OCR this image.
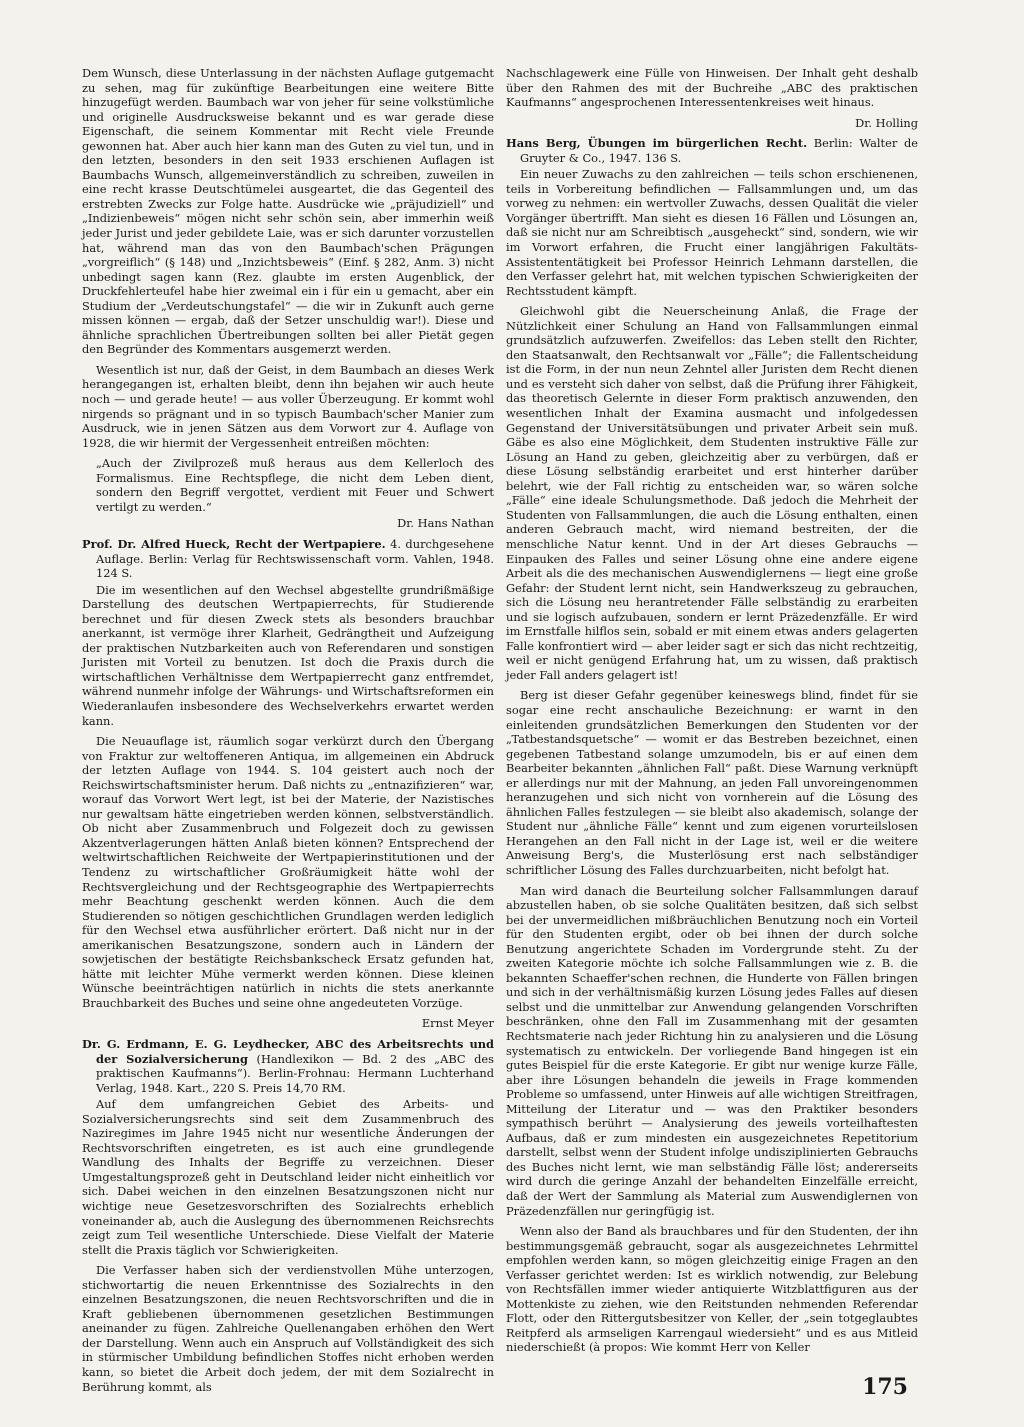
Dem Wunsch, diese Unterlassung in der nächsten Auflage gutgemacht zu sehen, mag für zukünftige Bearbeitungen eine weitere Bitte hinzugefügt werden. Baumbach war von jeher für seine volkstümliche und originelle Ausdrucksweise bekannt und es war gerade diese Eigenschaft, die seinem Kommentar mit Recht viele Freunde gewonnen hat. Aber auch hier kann man des Guten zu viel tun, und in den letzten, besonders in den seit 1933 erschienen Auflagen ist Baumbachs Wunsch, allgemeinverständlich zu schreiben, zuweilen in eine recht krasse Deutschtümelei ausgeartet, die das Gegenteil des erstrebten Zwecks zur Folge hatte. Ausdrücke wie „präjudiziell“ und „Indizienbeweis“ mögen nicht sehr schön sein, aber immerhin weiß jeder Jurist und jeder gebildete Laie, was er sich darunter vorzustellen hat, während man das von den Baumbach'schen Prägungen „vorgreiflich“ (§ 148) und „Inzichtsbeweis“ (Einf. § 282, Anm. 3) nicht unbedingt sagen kann (Rez. glaubte im ersten Augenblick, der Druckfehlerteufel habe hier zweimal ein i für ein u gemacht, aber ein Studium der „Verdeutschungstafel“ — die wir in Zukunft auch gerne missen können — ergab, daß der Setzer unschuldig war!). Diese und ähnliche sprachlichen Übertreibungen sollten bei aller Pietät gegen den Begründer des Kommentars ausgemerzt werden.

Wesentlich ist nur, daß der Geist, in dem Baumbach an dieses Werk herangegangen ist, erhalten bleibt, denn ihn bejahen wir auch heute noch — und gerade heute! — aus voller Überzeugung. Er kommt wohl nirgends so prägnant und in so typisch Baumbach'scher Manier zum Ausdruck, wie in jenen Sätzen aus dem Vorwort zur 4. Auflage von 1928, die wir hiermit der Vergessenheit entreißen möchten:

„Auch der Zivilprozeß muß heraus aus dem Kellerloch des Formalismus. Eine Rechtspflege, die nicht dem Leben dient, sondern den Begriff vergottet, verdient mit Feuer und Schwert vertilgt zu werden.“
Dr. Hans Nathan
Prof. Dr. Alfred Hueck, Recht der Wertpapiere. 4. durchgesehene Auflage. Berlin: Verlag für Rechtswissenschaft vorm. Vahlen, 1948. 124 S.

Die im wesentlichen auf den Wechsel abgestellte grundrißmäßige Darstellung des deutschen Wertpapierrechts, für Studierende berechnet und für diesen Zweck stets als besonders brauchbar anerkannt, ist vermöge ihrer Klarheit, Gedrängtheit und Aufzeigung der praktischen Nutzbarkeiten auch von Referendaren und sonstigen Juristen mit Vorteil zu benutzen. Ist doch die Praxis durch die wirtschaftlichen Verhältnisse dem Wertpapierrecht ganz entfremdet, während nunmehr infolge der Währungs- und Wirtschaftsreformen ein Wiederanlaufen insbesondere des Wechselverkehrs erwartet werden kann.

Die Neuauflage ist, räumlich sogar verkürzt durch den Übergang von Fraktur zur weltoffeneren Antiqua, im allgemeinen ein Abdruck der letzten Auflage von 1944. S. 104 geistert auch noch der Reichswirtschaftsminister herum. Daß nichts zu „entnazifizieren“ war, worauf das Vorwort Wert legt, ist bei der Materie, der Nazistisches nur gewaltsam hätte eingetrieben werden können, selbstverständlich. Ob nicht aber Zusammenbruch und Folgezeit doch zu gewissen Akzentverlagerungen hätten Anlaß bieten können? Entsprechend der weltwirtschaftlichen Reichweite der Wertpapierinstitutionen und der Tendenz zu wirtschaftlicher Großräumigkeit hätte wohl der Rechtsvergleichung und der Rechtsgeographie des Wertpapierrechts mehr Beachtung geschenkt werden können. Auch die dem Studierenden so nötigen geschichtlichen Grundlagen werden lediglich für den Wechsel etwa ausführlicher erörtert. Daß nicht nur in der amerikanischen Besatzungszone, sondern auch in Ländern der sowjetischen der bestätigte Reichsbankscheck Ersatz gefunden hat, hätte mit leichter Mühe vermerkt werden können. Diese kleinen Wünsche beeinträchtigen natürlich in nichts die stets anerkannte Brauchbarkeit des Buches und seine ohne angedeuteten Vorzüge.

Ernst Meyer
Dr. G. Erdmann, E. G. Leydhecker, ABC des Arbeitsrechts und der Sozialversicherung (Handlexikon — Bd. 2 des „ABC des praktischen Kaufmanns“). Berlin-Frohnau: Hermann Luchterhand Verlag, 1948. Kart., 220 S. Preis 14,70 RM.

Auf dem umfangreichen Gebiet des Arbeits- und Sozialversicherungsrechts sind seit dem Zusammenbruch des Naziregimes im Jahre 1945 nicht nur wesentliche Änderungen der Rechtsvorschriften eingetreten, es ist auch eine grundlegende Wandlung des Inhalts der Begriffe zu verzeichnen. Dieser Umgestaltungsprozeß geht in Deutschland leider nicht einheitlich vor sich. Dabei weichen in den einzelnen Besatzungszonen nicht nur wichtige neue Gesetzesvorschriften des Sozialrechts erheblich voneinander ab, auch die Auslegung des übernommenen Reichsrechts zeigt zum Teil wesentliche Unterschiede. Diese Vielfalt der Materie stellt die Praxis täglich vor Schwierigkeiten.

Die Verfasser haben sich der verdienstvollen Mühe unterzogen, stichwortartig die neuen Erkenntnisse des Sozialrechts in den einzelnen Besatzungszonen, die neuen Rechtsvorschriften und die in Kraft gebliebenen übernommenen gesetzlichen Bestimmungen aneinander zu fügen. Zahlreiche Quellenangaben erhöhen den Wert der Darstellung. Wenn auch ein Anspruch auf Vollständigkeit des sich in stürmischer Umbildung befindlichen Stoffes nicht erhoben werden kann, so bietet die Arbeit doch jedem, der mit dem Sozialrecht in Berührung kommt, als

Nachschlagewerk eine Fülle von Hinweisen. Der Inhalt geht deshalb über den Rahmen des mit der Buchreihe „ABC des praktischen Kaufmanns“ angesprochenen Interessentenkreises weit hinaus.

Dr. Holling
Hans Berg, Übungen im bürgerlichen Recht. Berlin: Walter de Gruyter & Co., 1947. 136 S.

Ein neuer Zuwachs zu den zahlreichen — teils schon erschienenen, teils in Vorbereitung befindlichen — Fallsammlungen und, um das vorweg zu nehmen: ein wertvoller Zuwachs, dessen Qualität die vieler Vorgänger übertrifft. Man sieht es diesen 16 Fällen und Lösungen an, daß sie nicht nur am Schreibtisch „ausgeheckt“ sind, sondern, wie wir im Vorwort erfahren, die Frucht einer langjährigen Fakultäts-Assistententätigkeit bei Professor Heinrich Lehmann darstellen, die den Verfasser gelehrt hat, mit welchen typischen Schwierigkeiten der Rechtsstudent kämpft.

Gleichwohl gibt die Neuerscheinung Anlaß, die Frage der Nützlichkeit einer Schulung an Hand von Fallsammlungen einmal grundsätzlich aufzuwerfen. Zweifellos: das Leben stellt den Richter, den Staatsanwalt, den Rechtsanwalt vor „Fälle“; die Fallentscheidung ist die Form, in der nun neun Zehntel aller Juristen dem Recht dienen und es versteht sich daher von selbst, daß die Prüfung ihrer Fähigkeit, das theoretisch Gelernte in dieser Form praktisch anzuwenden, den wesentlichen Inhalt der Examina ausmacht und infolgedessen Gegenstand der Universitätsübungen und privater Arbeit sein muß. Gäbe es also eine Möglichkeit, dem Studenten instruktive Fälle zur Lösung an Hand zu geben, gleichzeitig aber zu verbürgen, daß er diese Lösung selbständig erarbeitet und erst hinterher darüber belehrt, wie der Fall richtig zu entscheiden war, so wären solche „Fälle“ eine ideale Schulungsmethode. Daß jedoch die Mehrheit der Studenten von Fallsammlungen, die auch die Lösung enthalten, einen anderen Gebrauch macht, wird niemand bestreiten, der die menschliche Natur kennt. Und in der Art dieses Gebrauchs — Einpauken des Falles und seiner Lösung ohne eine andere eigene Arbeit als die des mechanischen Auswendiglernens — liegt eine große Gefahr: der Student lernt nicht, sein Handwerkszeug zu gebrauchen, sich die Lösung neu herantretender Fälle selbständig zu erarbeiten und sie logisch aufzubauen, sondern er lernt Präzedenzfälle. Er wird im Ernstfalle hilflos sein, sobald er mit einem etwas anders gelagerten Falle konfrontiert wird — aber leider sagt er sich das nicht rechtzeitig, weil er nicht genügend Erfahrung hat, um zu wissen, daß praktisch jeder Fall anders gelagert ist!

Berg ist dieser Gefahr gegenüber keineswegs blind, findet für sie sogar eine recht anschauliche Bezeichnung: er warnt in den einleitenden grundsätzlichen Bemerkungen den Studenten vor der „Tatbestandsquetsche“ — womit er das Bestreben bezeichnet, einen gegebenen Tatbestand solange umzumodeln, bis er auf einen dem Bearbeiter bekannten „ähnlichen Fall“ paßt. Diese Warnung verknüpft er allerdings nur mit der Mahnung, an jeden Fall unvoreingenommen heranzugehen und sich nicht von vornherein auf die Lösung des ähnlichen Falles festzulegen — sie bleibt also akademisch, solange der Student nur „ähnliche Fälle“ kennt und zum eigenen vorurteilslosen Herangehen an den Fall nicht in der Lage ist, weil er die weitere Anweisung Berg's, die Musterlösung erst nach selbständiger schriftlicher Lösung des Falles durchzuarbeiten, nicht befolgt hat.

Man wird danach die Beurteilung solcher Fallsammlungen darauf abzustellen haben, ob sie solche Qualitäten besitzen, daß sich selbst bei der unvermeidlichen mißbräuchlichen Benutzung noch ein Vorteil für den Studenten ergibt, oder ob bei ihnen der durch solche Benutzung angerichtete Schaden im Vordergrunde steht. Zu der zweiten Kategorie möchte ich solche Fallsammlungen wie z. B. die bekannten Schaeffer'schen rechnen, die Hunderte von Fällen bringen und sich in der verhältnismäßig kurzen Lösung jedes Falles auf diesen selbst und die unmittelbar zur Anwendung gelangenden Vorschriften beschränken, ohne den Fall im Zusammenhang mit der gesamten Rechtsmaterie nach jeder Richtung hin zu analysieren und die Lösung systematisch zu entwickeln. Der vorliegende Band hingegen ist ein gutes Beispiel für die erste Kategorie. Er gibt nur wenige kurze Fälle, aber ihre Lösungen behandeln die jeweils in Frage kommenden Probleme so umfassend, unter Hinweis auf alle wichtigen Streitfragen, Mitteilung der Literatur und — was den Praktiker besonders sympathisch berührt — Analysierung des jeweils vorteilhaftesten Aufbaus, daß er zum mindesten ein ausgezeichnetes Repetitorium darstellt, selbst wenn der Student infolge undisziplinierten Gebrauchs des Buches nicht lernt, wie man selbständig Fälle löst; andererseits wird durch die geringe Anzahl der behandelten Einzelfälle erreicht, daß der Wert der Sammlung als Material zum Auswendiglernen von Präzedenzfällen nur geringfügig ist.

Wenn also der Band als brauchbares und für den Studenten, der ihn bestimmungsgemäß gebraucht, sogar als ausgezeichnetes Lehrmittel empfohlen werden kann, so mögen gleichzeitig einige Fragen an den Verfasser gerichtet werden: Ist es wirklich notwendig, zur Belebung von Rechtsfällen immer wieder antiquierte Witzblattfiguren aus der Mottenkiste zu ziehen, wie den Reitstunden nehmenden Referendar Flott, oder den Rittergutsbesitzer von Keller, der „sein totgeglaubtes Reitpferd als armseligen Karrengaul wiedersieht“ und es aus Mitleid niederschießt (à propos: Wie kommt Herr von Keller

175
